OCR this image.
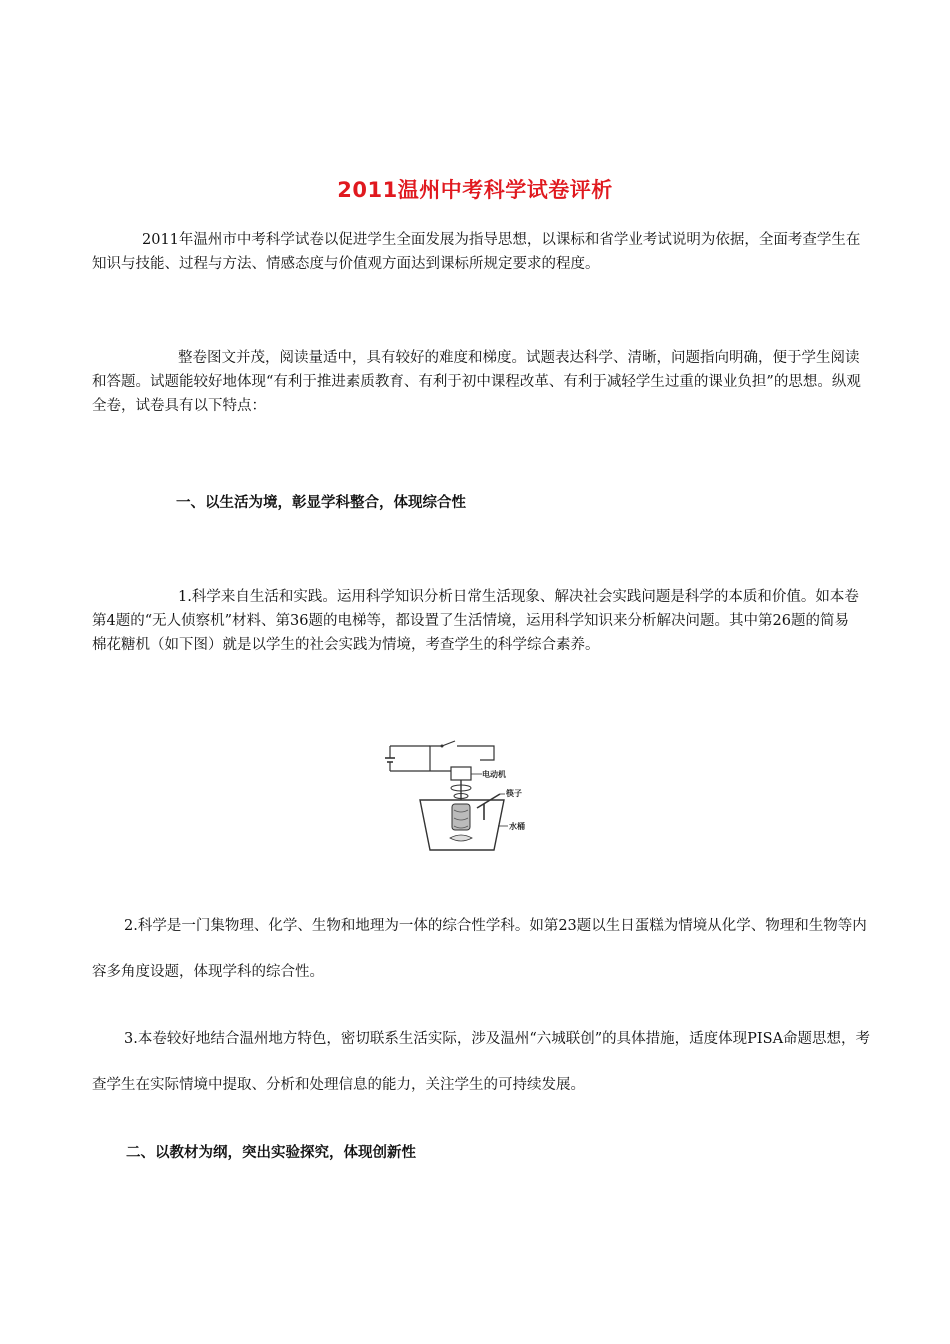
2011温州中考科学试卷评析

2011年温州市中考科学试卷以促进学生全面发展为指导思想，以课标和省学业考试说明为依据，全面考查学生在知识与技能、过程与方法、情感态度与价值观方面达到课标所规定要求的程度。

整卷图文并茂，阅读量适中，具有较好的难度和梯度。试题表达科学、清晰，问题指向明确，便于学生阅读和答题。试题能较好地体现“有利于推进素质教育、有利于初中课程改革、有利于减轻学生过重的课业负担”的思想。纵观全卷，试卷具有以下特点：

一、以生活为境，彰显学科整合，体现综合性

1.科学来自生活和实践。运用科学知识分析日常生活现象、解决社会实践问题是科学的本质和价值。如本卷第4题的“无人侦察机”材料、第36题的电梯等，都设置了生活情境，运用科学知识来分析解决问题。其中第26题的简易棉花糖机（如下图）就是以学生的社会实践为情境，考查学生的科学综合素养。

电动机
筷子
水桶

2.科学是一门集物理、化学、生物和地理为一体的综合性学科。如第23题以生日蛋糕为情境从化学、物理和生物等内容多角度设题，体现学科的综合性。

3.本卷较好地结合温州地方特色，密切联系生活实际，涉及温州“六城联创”的具体措施，适度体现PISA命题思想，考查学生在实际情境中提取、分析和处理信息的能力，关注学生的可持续发展。

二、以教材为纲，突出实验探究，体现创新性
